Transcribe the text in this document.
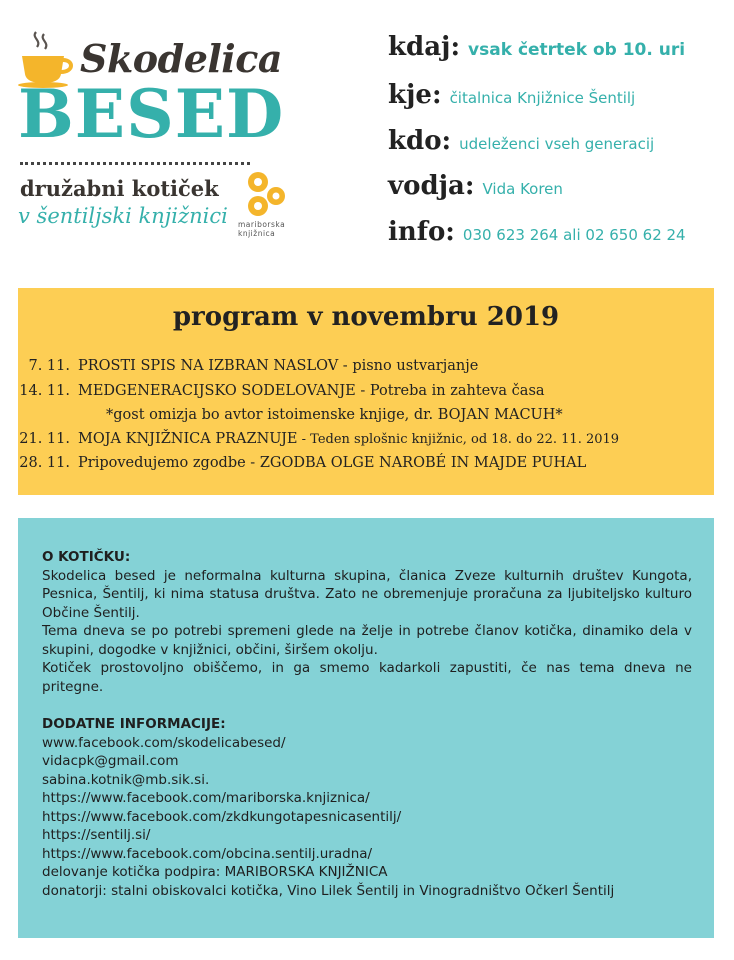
Skodelica
BESED
družabni kotiček
v šentiljski knjižnici mariborska
knjižnica
kdaj: vsak četrtek ob 10. uri
kje: čitalnica Knjižnice Šentilj
kdo: udeleženci vseh generacij
vodja: Vida Koren
info: 030 623 264 ali 02 650 62 24
program v novembru 2019
7. 11. PROSTI SPIS NA IZBRAN NASLOV - pisno ustvarjanje
14. 11. MEDGENERACIJSKO SODELOVANJE - Potreba in zahteva časa
*gost omizja bo avtor istoimenske knjige, dr. BOJAN MACUH*
21. 11. MOJA KNJIŽNICA PRAZNUJE - Teden splošnic knjižnic, od 18. do 22. 11. 2019
28. 11. Pripovedujemo zgodbe - ZGODBA OLGE NAROBÉ IN MAJDE PUHAL
O KOTIČKU:

Skodelica besed je neformalna kulturna skupina, članica Zveze kulturnih društev Kungota, Pesnica, Šentilj, ki nima statusa društva. Zato ne obremenjuje proračuna za ljubiteljsko kulturo Občine Šentilj.

Tema dneva se po potrebi spremeni glede na želje in potrebe članov kotička, dinamiko dela v skupini, dogodke v knjižnici, občini, širšem okolju.

Kotiček prostovoljno obiščemo, in ga smemo kadarkoli zapustiti, če nas tema dneva ne pritegne.

DODATNE INFORMACIJE:

www.facebook.com/skodelicabesed/

vidacpk@gmail.com

sabina.kotnik@mb.sik.si.

https://www.facebook.com/mariborska.knjiznica/

https://www.facebook.com/zkdkungotapesnicasentilj/

https://sentilj.si/

https://www.facebook.com/obcina.sentilj.uradna/

delovanje kotička podpira: MARIBORSKA KNJIŽNICA

donatorji: stalni obiskovalci kotička, Vino Lilek Šentilj in Vinogradništvo Očkerl Šentilj
